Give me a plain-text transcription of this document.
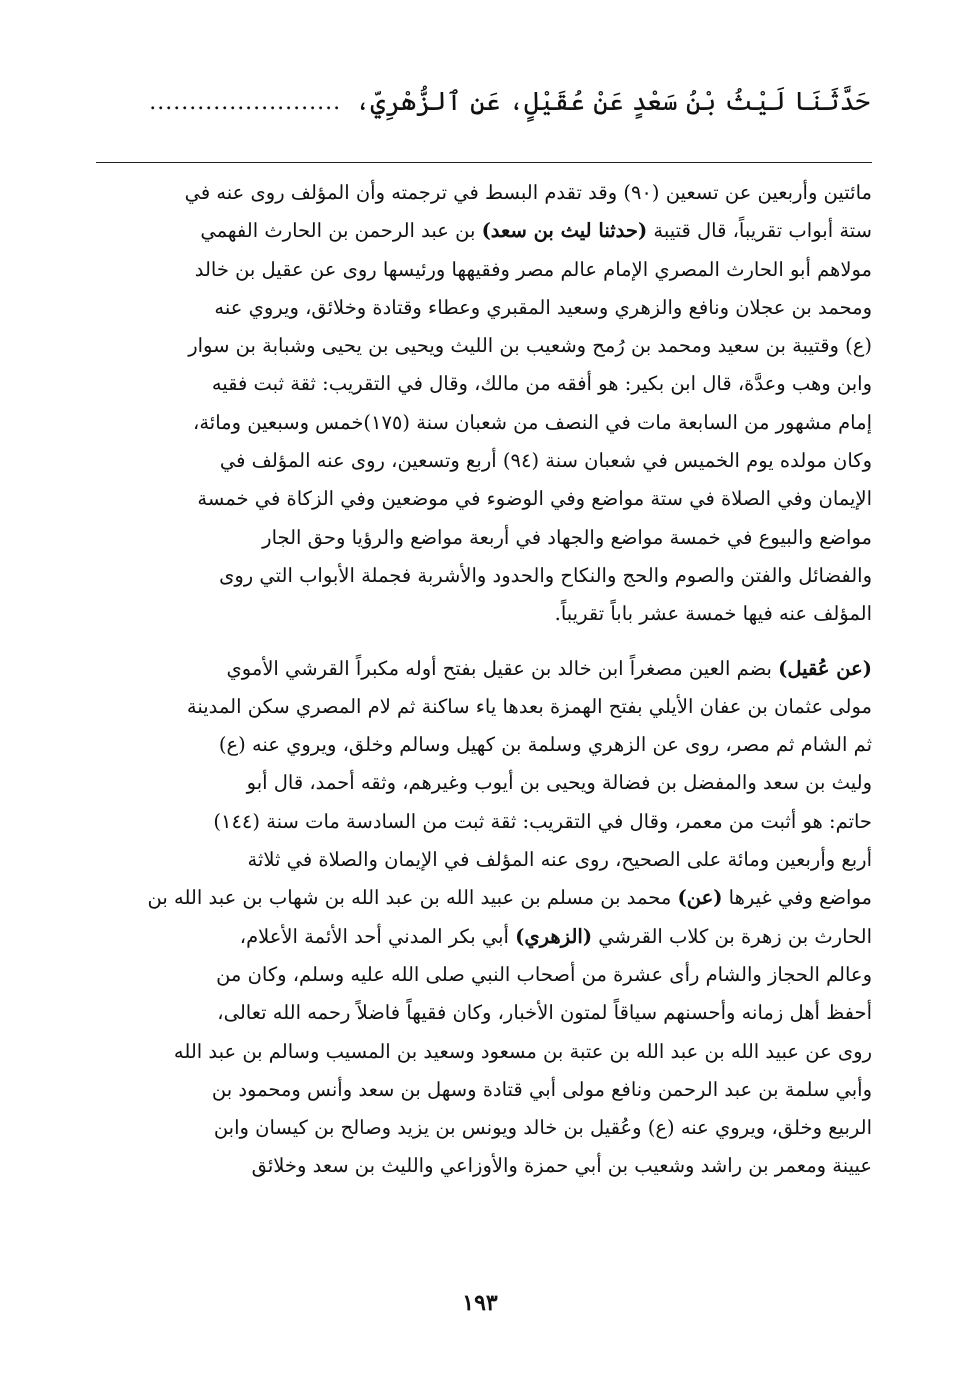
حَدَّثَنَا لَيْثُ بْنُ سَعْدٍ عَنْ عُقَيْلٍ، عَنِ ٱلزُّهْرِيِّ،
........................
مائتين وأربعين عن تسعين (٩٠) وقد تقدم البسط في ترجمته وأن المؤلف روى عنه في
ستة أبواب تقريباً، قال قتيبة (حدثنا ليث بن سعد) بن عبد الرحمن بن الحارث الفهمي
مولاهم أبو الحارث المصري الإمام عالم مصر وفقيهها ورئيسها روى عن عقيل بن خالد
ومحمد بن عجلان ونافع والزهري وسعيد المقبري وعطاء وقتادة وخلائق، ويروي عنه
(ع) وقتيبة بن سعيد ومحمد بن رُمح وشعيب بن الليث ويحيى بن يحيى وشبابة بن سوار
وابن وهب وعدَّة، قال ابن بكير: هو أفقه من مالك، وقال في التقريب: ثقة ثبت فقيه
إمام مشهور من السابعة مات في النصف من شعبان سنة (١٧٥)خمس وسبعين ومائة،
وكان مولده يوم الخميس في شعبان سنة (٩٤) أربع وتسعين، روى عنه المؤلف في
الإيمان وفي الصلاة في ستة مواضع وفي الوضوء في موضعين وفي الزكاة في خمسة
مواضع والبيوع في خمسة مواضع والجهاد في أربعة مواضع والرؤيا وحق الجار
والفضائل والفتن والصوم والحج والنكاح والحدود والأشربة فجملة الأبواب التي روى
المؤلف عنه فيها خمسة عشر باباً تقريباً.
(عن عُقيل) بضم العين مصغراً ابن خالد بن عقيل بفتح أوله مكبراً القرشي الأموي
مولى عثمان بن عفان الأيلي بفتح الهمزة بعدها ياء ساكنة ثم لام المصري سكن المدينة
ثم الشام ثم مصر، روى عن الزهري وسلمة بن كهيل وسالم وخلق، ويروي عنه (ع)
وليث بن سعد والمفضل بن فضالة ويحيى بن أيوب وغيرهم، وثقه أحمد، قال أبو
حاتم: هو أثبت من معمر، وقال في التقريب: ثقة ثبت من السادسة مات سنة (١٤٤)
أربع وأربعين ومائة على الصحيح، روى عنه المؤلف في الإيمان والصلاة في ثلاثة
مواضع وفي غيرها (عن) محمد بن مسلم بن عبيد الله بن عبد الله بن شهاب بن عبد الله بن
الحارث بن زهرة بن كلاب القرشي (الزهري) أبي بكر المدني أحد الأئمة الأعلام،
وعالم الحجاز والشام رأى عشرة من أصحاب النبي صلى الله عليه وسلم، وكان من
أحفظ أهل زمانه وأحسنهم سياقاً لمتون الأخبار، وكان فقيهاً فاضلاً رحمه الله تعالى،
روى عن عبيد الله بن عبد الله بن عتبة بن مسعود وسعيد بن المسيب وسالم بن عبد الله
وأبي سلمة بن عبد الرحمن ونافع مولى أبي قتادة وسهل بن سعد وأنس ومحمود بن
الربيع وخلق، ويروي عنه (ع) وعُقيل بن خالد ويونس بن يزيد وصالح بن كيسان وابن
عيينة ومعمر بن راشد وشعيب بن أبي حمزة والأوزاعي والليث بن سعد وخلائق
١٩٣
